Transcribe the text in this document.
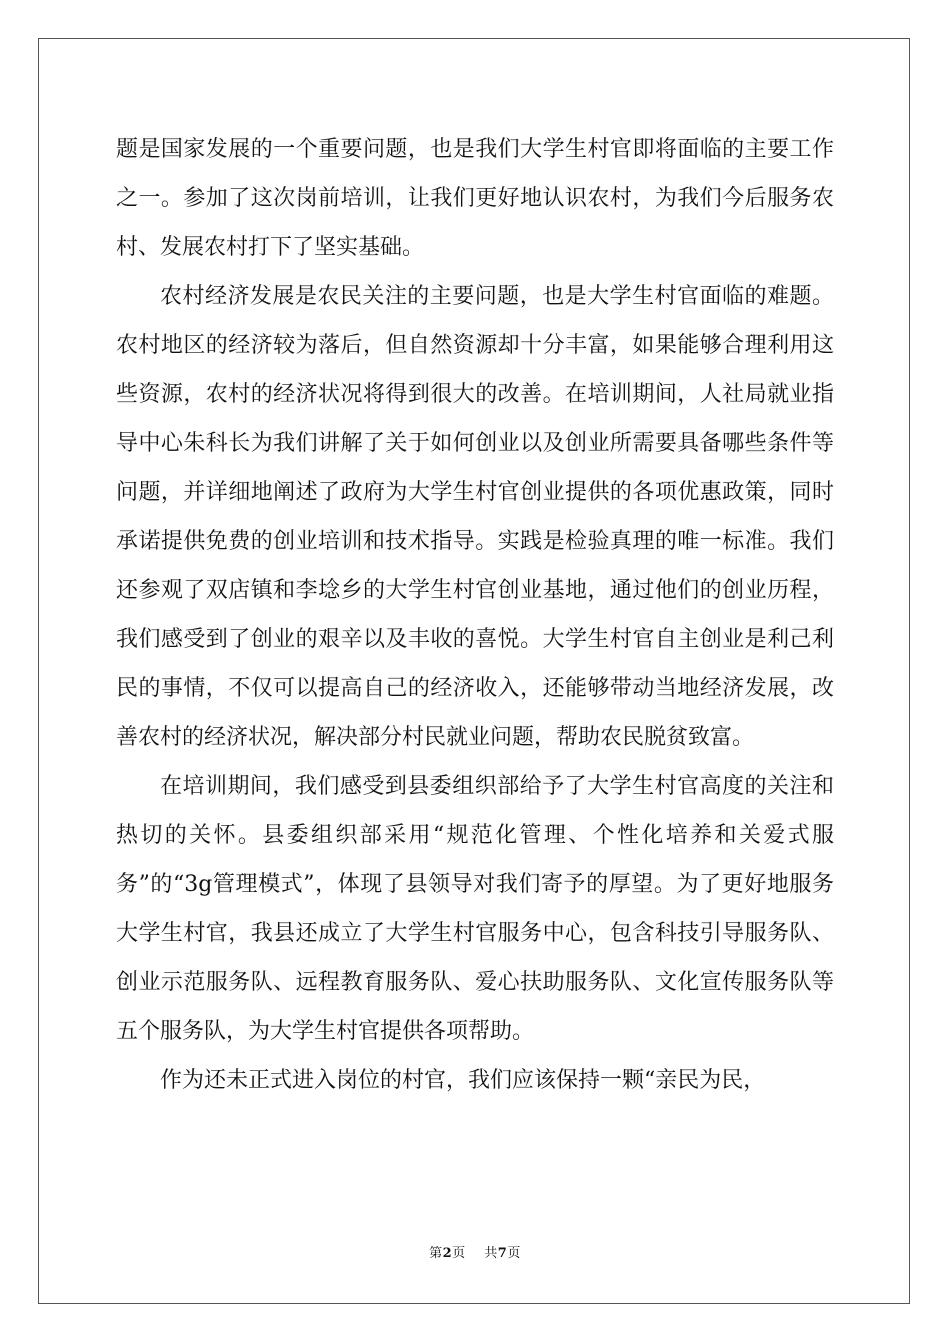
题是国家发展的一个重要问题，也是我们大学生村官即将面临的主要工作之一。参加了这次岗前培训，让我们更好地认识农村，为我们今后服务农村、发展农村打下了坚实基础。

农村经济发展是农民关注的主要问题，也是大学生村官面临的难题。农村地区的经济较为落后，但自然资源却十分丰富，如果能够合理利用这些资源，农村的经济状况将得到很大的改善。在培训期间，人社局就业指导中心朱科长为我们讲解了关于如何创业以及创业所需要具备哪些条件等问题，并详细地阐述了政府为大学生村官创业提供的各项优惠政策，同时承诺提供免费的创业培训和技术指导。实践是检验真理的唯一标准。我们还参观了双店镇和李埝乡的大学生村官创业基地，通过他们的创业历程，我们感受到了创业的艰辛以及丰收的喜悦。大学生村官自主创业是利己利民的事情，不仅可以提高自己的经济收入，还能够带动当地经济发展，改善农村的经济状况，解决部分村民就业问题，帮助农民脱贫致富。

在培训期间，我们感受到县委组织部给予了大学生村官高度的关注和热切的关怀。县委组织部采用“规范化管理、个性化培养和关爱式服务”的“3g管理模式”，体现了县领导对我们寄予的厚望。为了更好地服务大学生村官，我县还成立了大学生村官服务中心，包含科技引导服务队、创业示范服务队、远程教育服务队、爱心扶助服务队、文化宣传服务队等五个服务队，为大学生村官提供各项帮助。

作为还未正式进入岗位的村官，我们应该保持一颗“亲民为民，

第2页 共7页
